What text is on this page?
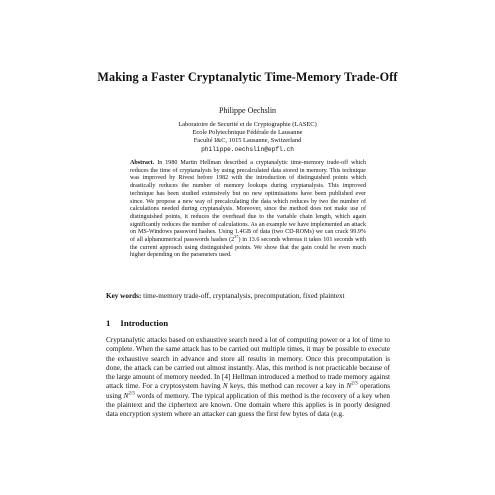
Making a Faster Cryptanalytic Time-Memory Trade-Off
Philippe Oechslin
Laboratoire de Securité et de Cryptographie (LASEC)
Ecole Polytechnique Fédérale de Lausanne
Faculté I&C, 1015 Lausanne, Switzerland
philippe.oechslin@epfl.ch
Abstract. In 1980 Martin Hellman described a cryptanalytic time-memory trade-off which reduces the time of cryptanalysis by using precalculated data stored in memory. This technique was improved by Rivest before 1982 with the introduction of distinguished points which drastically reduces the number of memory lookups during cryptanalysis. This improved technique has been studied extensively but no new optimisations have been published ever since. We propose a new way of precalculating the data which reduces by two the number of calculations needed during cryptanalysis. Moreover, since the method does not make use of distinguished points, it reduces the overhead due to the variable chain length, which again significantly reduces the number of calculations. As an example we have implemented an attack on MS-Windows password hashes. Using 1.4GB of data (two CD-ROMs) we can crack 99.9% of all alphanumerical passwords hashes $(2^{37})$ in 13.6 seconds whereas it takes 101 seconds with the current approach using distinguished points. We show that the gain could be even much higher depending on the parameters used.
Key words: time-memory trade-off, cryptanalysis, precomputation, fixed plaintext
1 Introduction
Cryptanalytic attacks based on exhaustive search need a lot of computing power or a lot of time to complete. When the same attack has to be carried out multiple times, it may be possible to execute the exhaustive search in advance and store all results in memory. Once this precomputation is done, the attack can be carried out almost instantly. Alas, this method is not practicable because of the large amount of memory needed. In [4] Hellman introduced a method to trade memory against attack time. For a cryptosystem having N keys, this method can recover a key in $N^{2/3}$ operations using $N^{2/3}$ words of memory. The typical application of this method is the recovery of a key when the plaintext and the ciphertext are known. One domain where this applies is in poorly designed data encryption system where an attacker can guess the first few bytes of data (e.g.
